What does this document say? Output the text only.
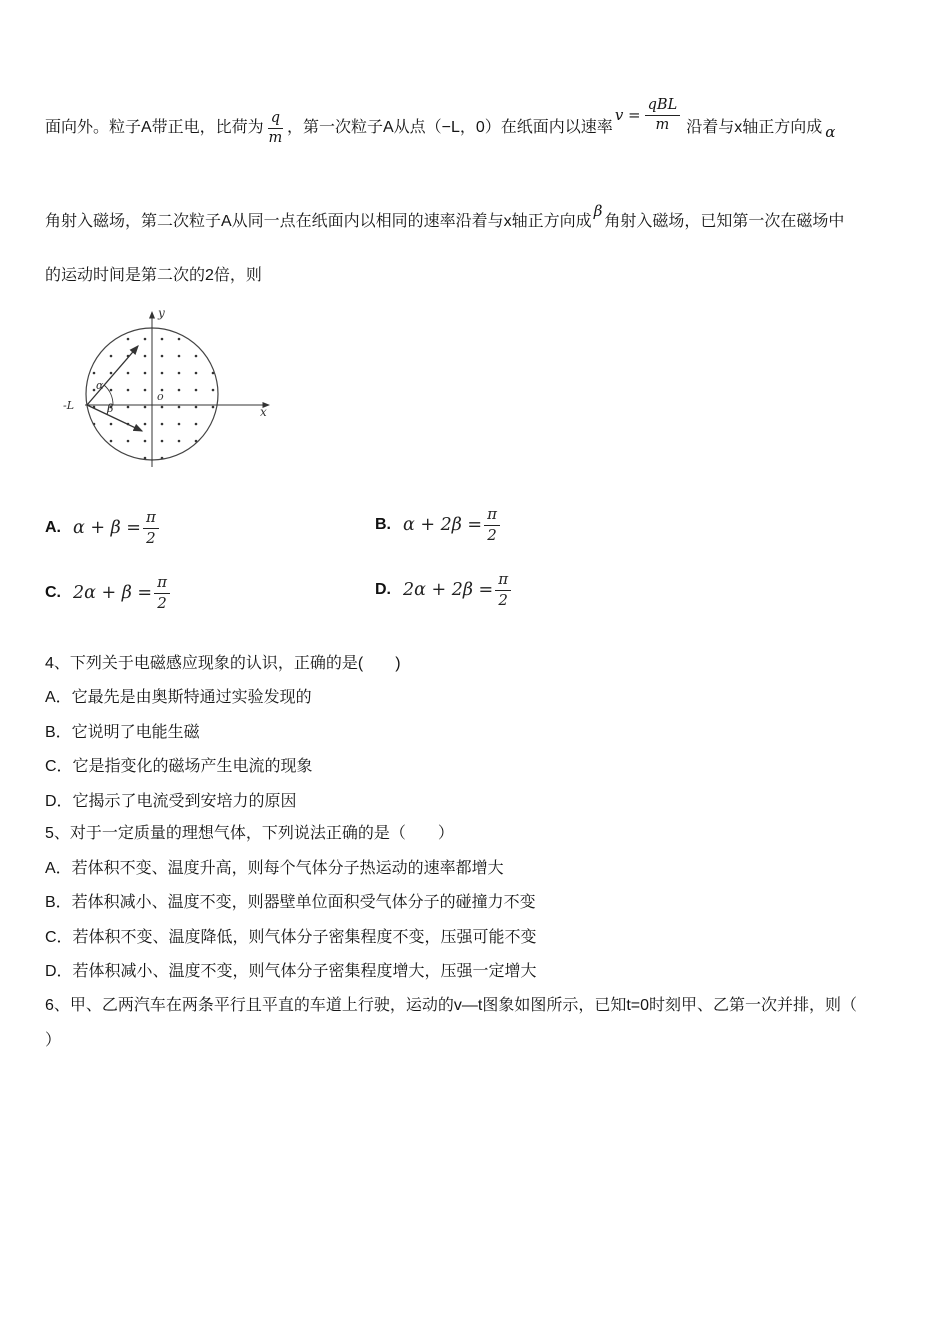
面向外。粒子A带正电，比荷为 $\frac{q}{m}$ ，第一次粒子A从点（−L，0）在纸面内以速率
$v = \frac{\text{qBL}}{m}$ 沿着与x轴正方向成 α
角射入磁场，第二次粒子A从同一点在纸面内以相同的速率沿着与x轴正方向成
β
角射入磁场，已知第一次在磁场中
的运动时间是第二次的2倍，则
y
x
o
-L
α
β
A. $\alpha + \beta = \frac{\pi}{2}$	B. $\alpha + 2\beta = \frac{\pi}{2}$
C. $2\alpha + \beta = \frac{\pi}{2}$	D. $2\alpha + 2\beta = \frac{\pi}{2}$
4、下列关于电磁感应现象的认识，正确的是(　　)
A．它最先是由奥斯特通过实验发现的
B．它说明了电能生磁
C．它是指变化的磁场产生电流的现象
D．它揭示了电流受到安培力的原因
5、对于一定质量的理想气体，下列说法正确的是（　　）
A．若体积不变、温度升高，则每个气体分子热运动的速率都增大
B．若体积减小、温度不变，则器壁单位面积受气体分子的碰撞力不变
C．若体积不变、温度降低，则气体分子密集程度不变，压强可能不变
D．若体积减小、温度不变，则气体分子密集程度增大，压强一定增大
6、甲、乙两汽车在两条平行且平直的车道上行驶，运动的v—t图象如图所示，已知t=0时刻甲、乙第一次并排，则（
）
